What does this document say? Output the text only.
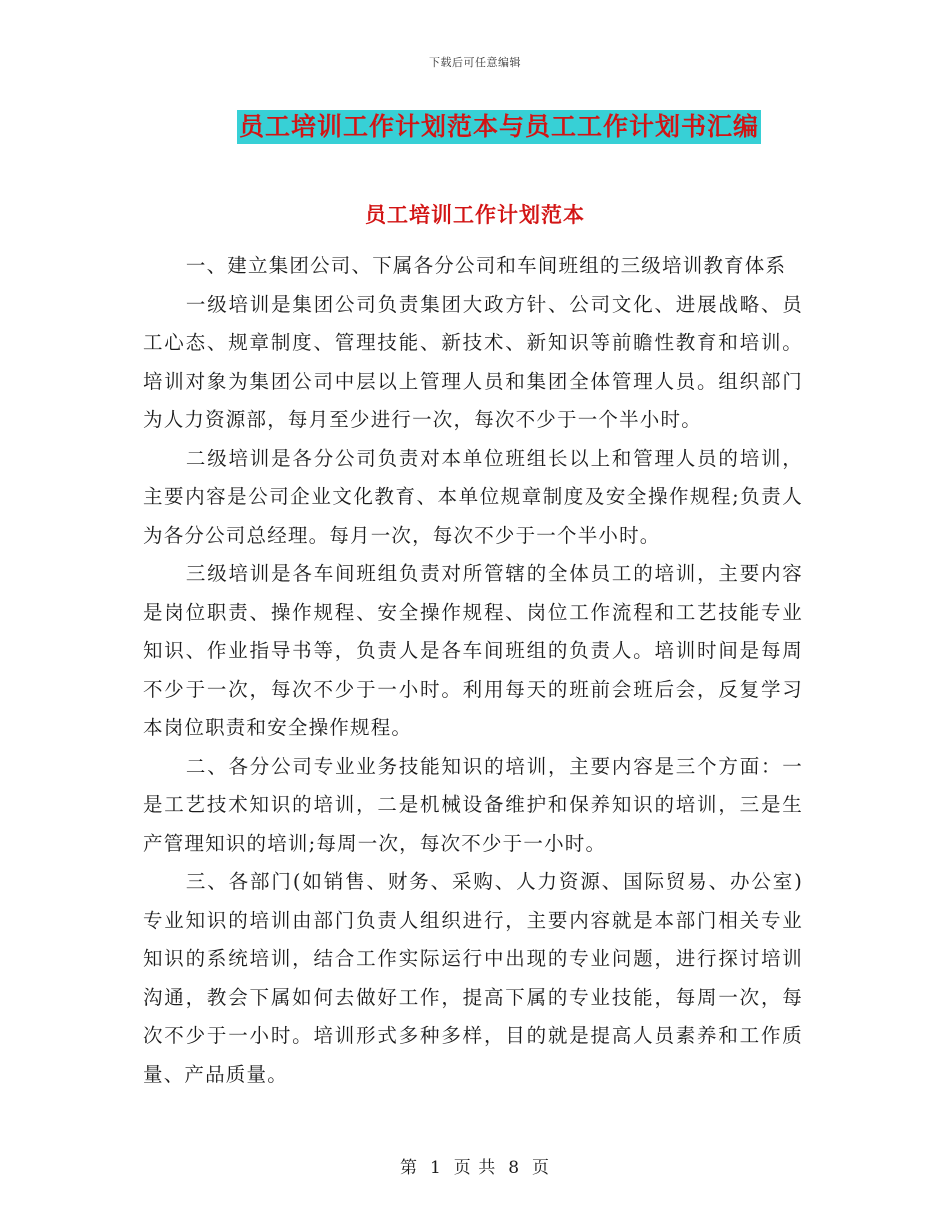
下载后可任意编辑
员工培训工作计划范本与员工工作计划书汇编
员工培训工作计划范本

一、建立集团公司、下属各分公司和车间班组的三级培训教育体系

一级培训是集团公司负责集团大政方针、公司文化、进展战略、员工心态、规章制度、管理技能、新技术、新知识等前瞻性教育和培训。培训对象为集团公司中层以上管理人员和集团全体管理人员。组织部门为人力资源部，每月至少进行一次，每次不少于一个半小时。

二级培训是各分公司负责对本单位班组长以上和管理人员的培训，主要内容是公司企业文化教育、本单位规章制度及安全操作规程;负责人为各分公司总经理。每月一次，每次不少于一个半小时。

三级培训是各车间班组负责对所管辖的全体员工的培训，主要内容是岗位职责、操作规程、安全操作规程、岗位工作流程和工艺技能专业知识、作业指导书等，负责人是各车间班组的负责人。培训时间是每周不少于一次，每次不少于一小时。利用每天的班前会班后会，反复学习本岗位职责和安全操作规程。

二、各分公司专业业务技能知识的培训，主要内容是三个方面：一是工艺技术知识的培训，二是机械设备维护和保养知识的培训，三是生产管理知识的培训;每周一次，每次不少于一小时。

三、各部门(如销售、财务、采购、人力资源、国际贸易、办公室)专业知识的培训由部门负责人组织进行，主要内容就是本部门相关专业知识的系统培训，结合工作实际运行中出现的专业问题，进行探讨培训沟通，教会下属如何去做好工作，提高下属的专业技能，每周一次，每次不少于一小时。培训形式多种多样，目的就是提高人员素养和工作质量、产品质量。

第 1 页 共 8 页
